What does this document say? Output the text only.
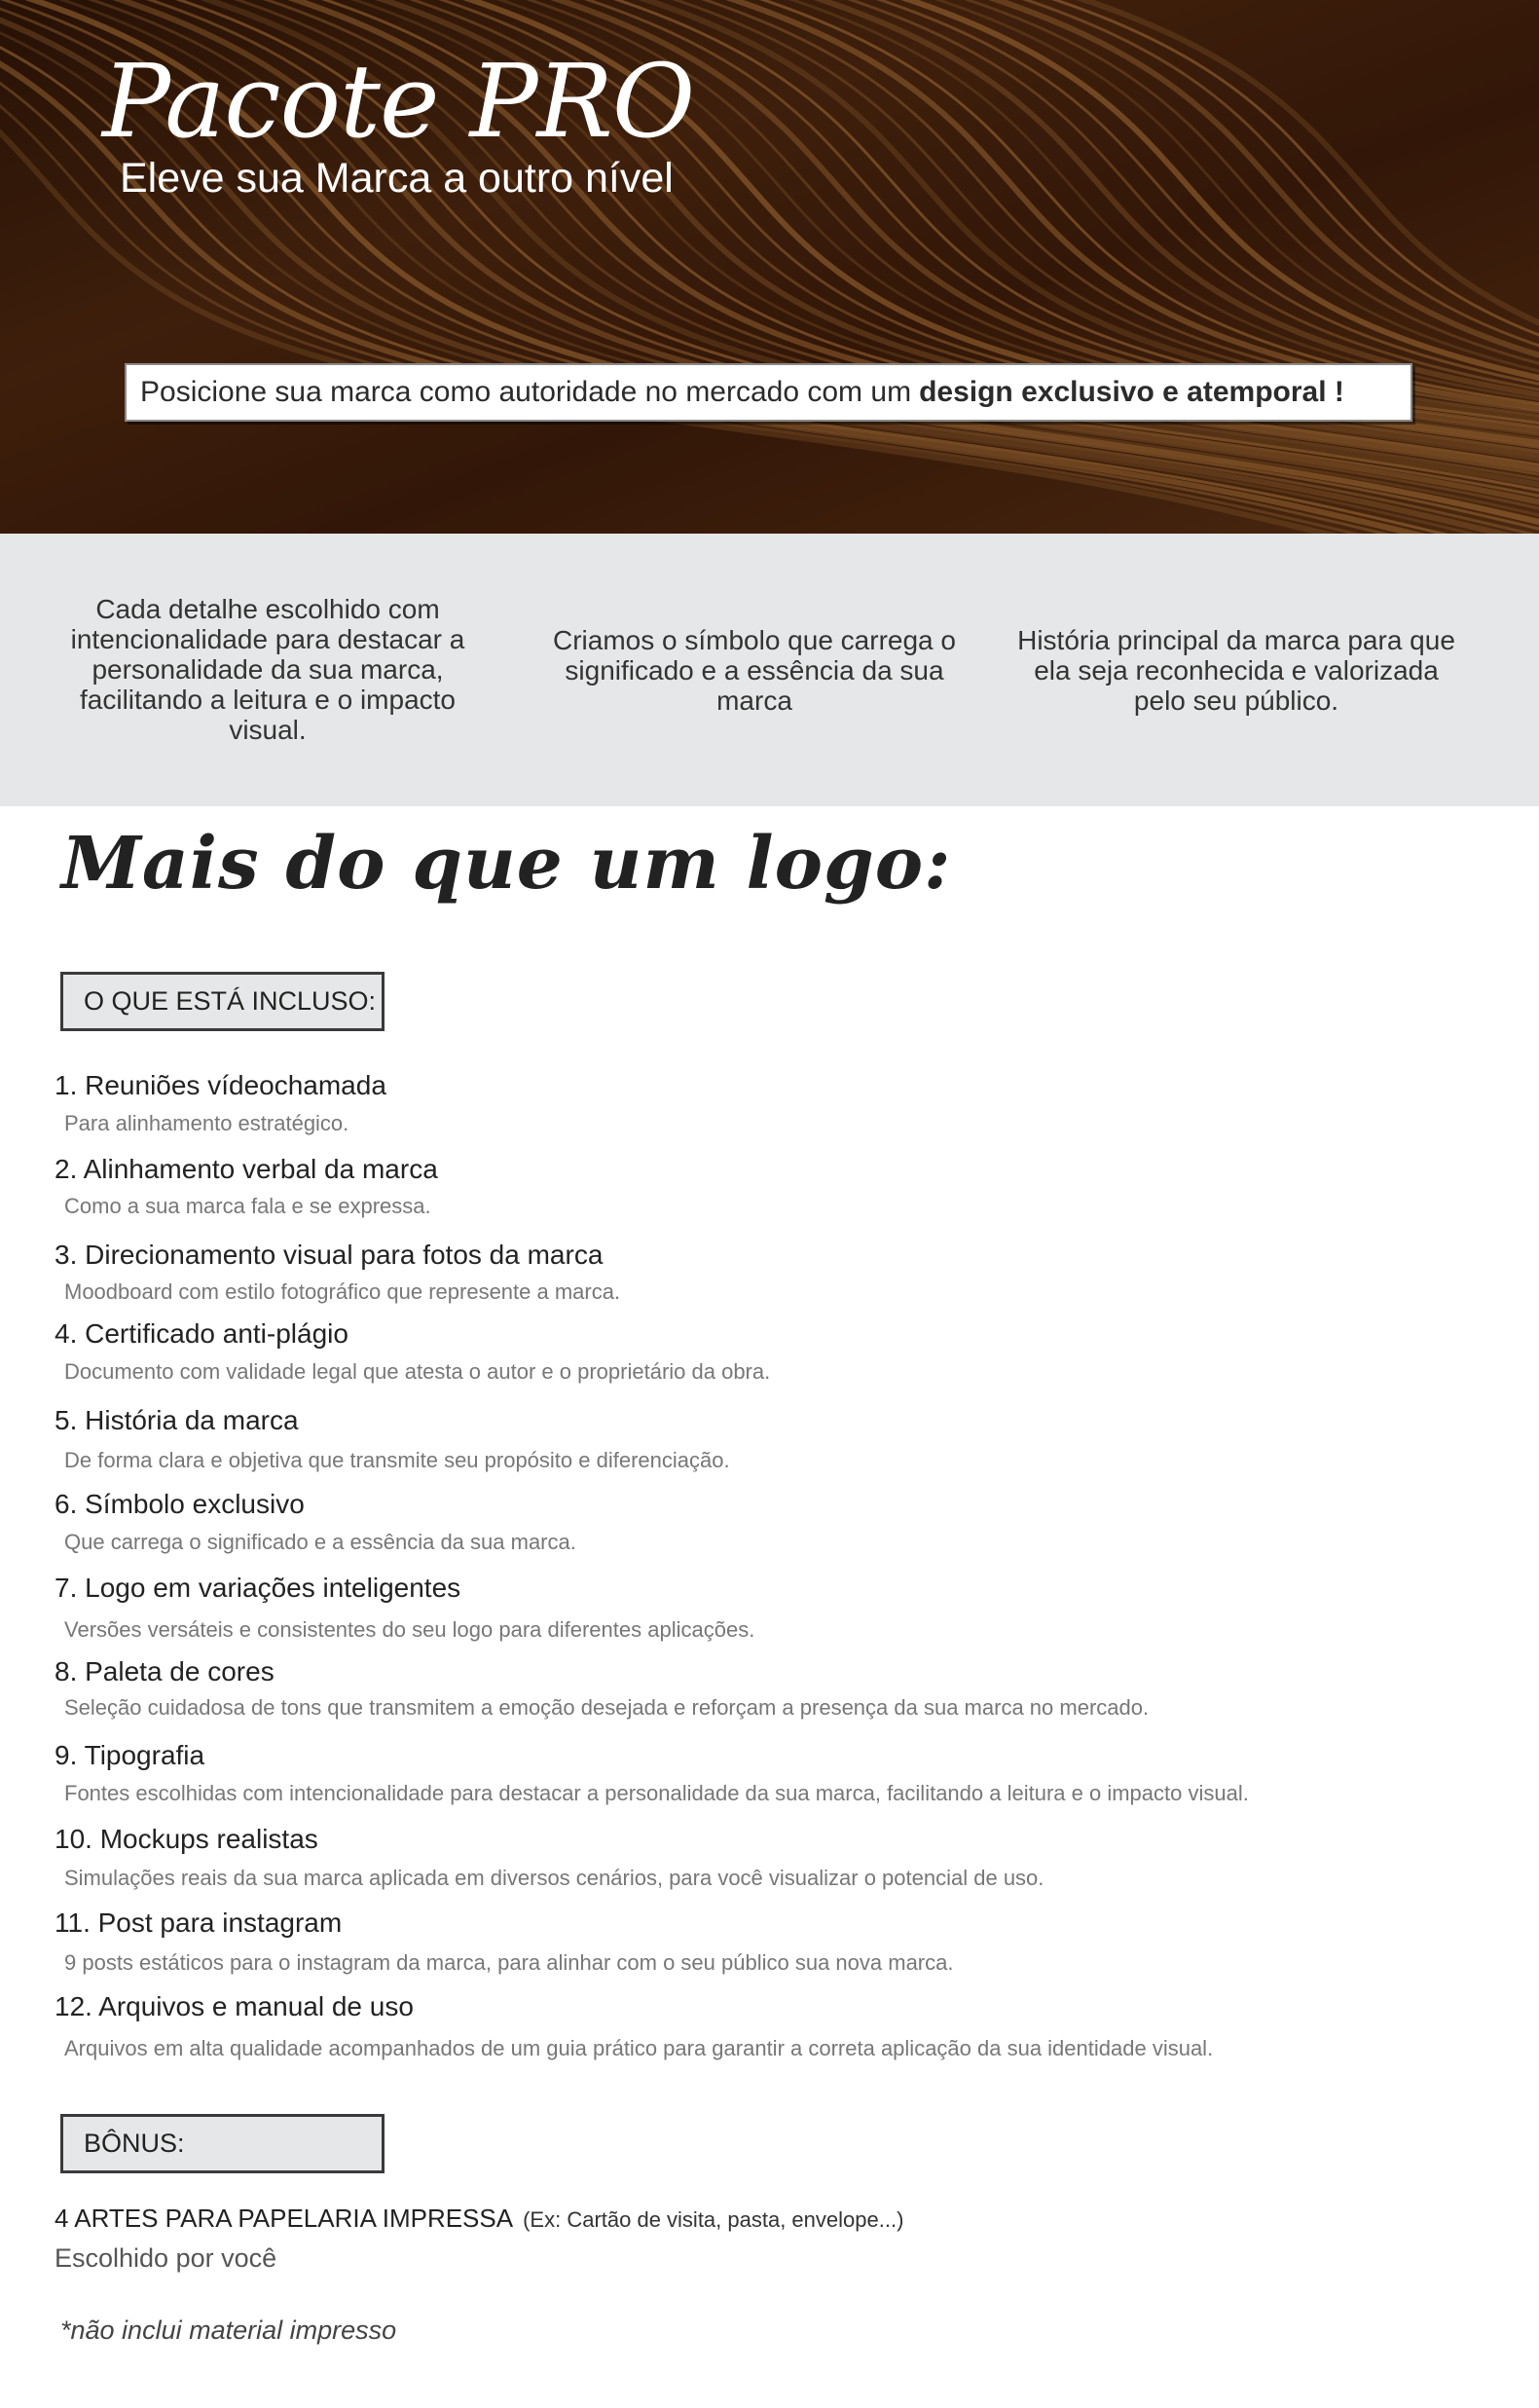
Pacote PRO
Eleve sua Marca a outro nível
Posicione sua marca como autoridade no mercado com um design exclusivo e atemporal !
Cada detalhe escolhido com intencionalidade para destacar a personalidade da sua marca, facilitando a leitura e o impacto visual.
Criamos o símbolo que carrega o significado e a essência da sua marca
História principal da marca para que ela seja reconhecida e valorizada pelo seu público.
Mais do que um logo:
O QUE ESTÁ INCLUSO:
1. Reuniões vídeochamada
Para alinhamento estratégico.
2. Alinhamento verbal da marca
Como a sua marca fala e se expressa.
3. Direcionamento visual para fotos da marca
Moodboard com estilo fotográfico que represente a marca.
4. Certificado anti-plágio
Documento com validade legal que atesta o autor e o proprietário da obra.
5. História da marca
De forma clara e objetiva que transmite seu propósito e diferenciação.
6. Símbolo exclusivo
Que carrega o significado e a essência da sua marca.
7. Logo em variações inteligentes
Versões versáteis e consistentes do seu logo para diferentes aplicações.
8. Paleta de cores
Seleção cuidadosa de tons que transmitem a emoção desejada e reforçam a presença da sua marca no mercado.
9. Tipografia
Fontes escolhidas com intencionalidade para destacar a personalidade da sua marca, facilitando a leitura e o impacto visual.
10. Mockups realistas
Simulações reais da sua marca aplicada em diversos cenários, para você visualizar o potencial de uso.
11. Post para instagram
9 posts estáticos para o instagram da marca, para alinhar com o seu público sua nova marca.
12. Arquivos e manual de uso
Arquivos em alta qualidade acompanhados de um guia prático para garantir a correta aplicação da sua identidade visual.
BÔNUS:
4 ARTES PARA PAPELARIA IMPRESSA (Ex: Cartão de visita, pasta, envelope...)
Escolhido por você
*não inclui material impresso
